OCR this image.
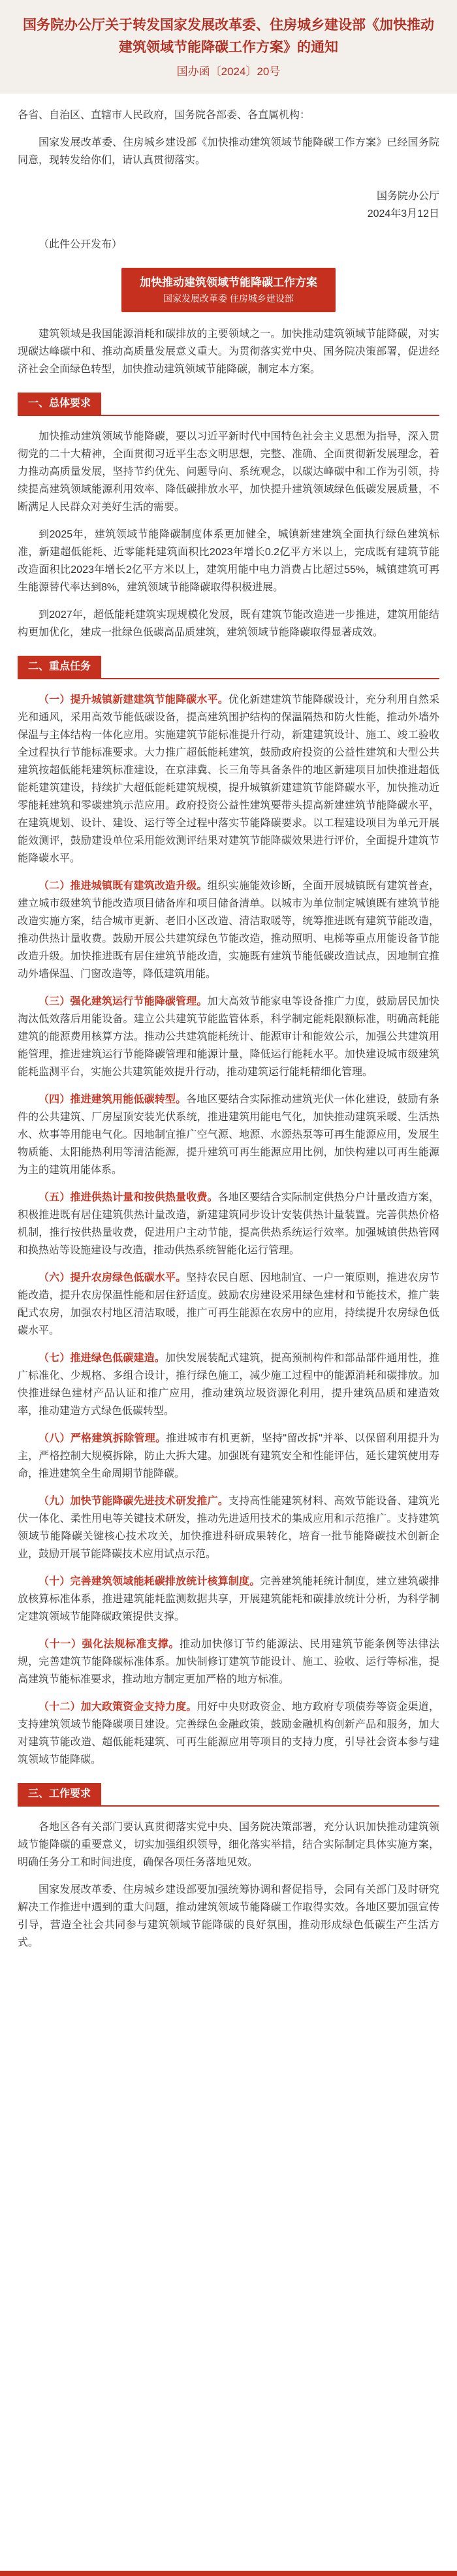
国务院办公厅关于转发国家发展改革委、住房城乡建设部《加快推动建筑领域节能降碳工作方案》的通知
国办函〔2024〕20号

各省、自治区、直辖市人民政府，国务院各部委、各直属机构：

国家发展改革委、住房城乡建设部《加快推动建筑领域节能降碳工作方案》已经国务院同意，现转发给你们，请认真贯彻落实。

国务院办公厅

2024年3月12日

（此件公开发布）

加快推动建筑领域节能降碳工作方案
国家发展改革委 住房城乡建设部

建筑领域是我国能源消耗和碳排放的主要领域之一。加快推动建筑领域节能降碳，对实现碳达峰碳中和、推动高质量发展意义重大。为贯彻落实党中央、国务院决策部署，促进经济社会全面绿色转型，加快推动建筑领域节能降碳，制定本方案。

一、总体要求

加快推动建筑领域节能降碳，要以习近平新时代中国特色社会主义思想为指导，深入贯彻党的二十大精神，全面贯彻习近平生态文明思想，完整、准确、全面贯彻新发展理念，着力推动高质量发展，坚持节约优先、问题导向、系统观念，以碳达峰碳中和工作为引领，持续提高建筑领域能源利用效率、降低碳排放水平，加快提升建筑领域绿色低碳发展质量，不断满足人民群众对美好生活的需要。

到2025年，建筑领域节能降碳制度体系更加健全，城镇新建建筑全面执行绿色建筑标准，新建超低能耗、近零能耗建筑面积比2023年增长0.2亿平方米以上，完成既有建筑节能改造面积比2023年增长2亿平方米以上，建筑用能中电力消费占比超过55%，城镇建筑可再生能源替代率达到8%，建筑领域节能降碳取得积极进展。

到2027年，超低能耗建筑实现规模化发展，既有建筑节能改造进一步推进，建筑用能结构更加优化，建成一批绿色低碳高品质建筑，建筑领域节能降碳取得显著成效。

二、重点任务

（一）提升城镇新建建筑节能降碳水平。优化新建建筑节能降碳设计，充分利用自然采光和通风，采用高效节能低碳设备，提高建筑围护结构的保温隔热和防火性能，推动外墙外保温与主体结构一体化应用。实施建筑节能标准提升行动，新建建筑设计、施工、竣工验收全过程执行节能标准要求。大力推广超低能耗建筑，鼓励政府投资的公益性建筑和大型公共建筑按超低能耗建筑标准建设，在京津冀、长三角等具备条件的地区新建项目加快推进超低能耗建筑建设，持续扩大超低能耗建筑规模，提升城镇新建建筑节能降碳水平，加快推动近零能耗建筑和零碳建筑示范应用。政府投资公益性建筑要带头提高新建建筑节能降碳水平，在建筑规划、设计、建设、运行等全过程中落实节能降碳要求。以工程建设项目为单元开展能效测评，鼓励建设单位采用能效测评结果对建筑节能降碳效果进行评价，全面提升建筑节能降碳水平。

（二）推进城镇既有建筑改造升级。组织实施能效诊断，全面开展城镇既有建筑普查，建立城市级建筑节能改造项目储备库和项目储备清单。以城市为单位制定城镇既有建筑节能改造实施方案，结合城市更新、老旧小区改造、清洁取暖等，统筹推进既有建筑节能改造，推动供热计量收费。鼓励开展公共建筑绿色节能改造，推动照明、电梯等重点用能设备节能改造升级。加快推进既有居住建筑节能改造，实施既有建筑节能低碳改造试点，因地制宜推动外墙保温、门窗改造等，降低建筑用能。

（三）强化建筑运行节能降碳管理。加大高效节能家电等设备推广力度，鼓励居民加快淘汰低效落后用能设备。建立公共建筑节能监管体系，科学制定能耗限额标准，明确高耗能建筑的能源费用核算方法。推动公共建筑能耗统计、能源审计和能效公示，加强公共建筑用能管理，推进建筑运行节能降碳管理和能源计量，降低运行能耗水平。加快建设城市级建筑能耗监测平台，实施公共建筑能效提升行动，推动建筑运行能耗精细化管理。

（四）推进建筑用能低碳转型。各地区要结合实际推动建筑光伏一体化建设，鼓励有条件的公共建筑、厂房屋顶安装光伏系统，推进建筑用能电气化，加快推动建筑采暖、生活热水、炊事等用能电气化。因地制宜推广空气源、地源、水源热泵等可再生能源应用，发展生物质能、太阳能热利用等清洁能源，提升建筑可再生能源应用比例，加快构建以可再生能源为主的建筑用能体系。

（五）推进供热计量和按供热量收费。各地区要结合实际制定供热分户计量改造方案，积极推进既有居住建筑供热计量改造，新建建筑同步设计安装供热计量装置。完善供热价格机制，推行按供热量收费，促进用户主动节能，提高供热系统运行效率。加强城镇供热管网和换热站等设施建设与改造，推动供热系统智能化运行管理。

（六）提升农房绿色低碳水平。坚持农民自愿、因地制宜、一户一策原则，推进农房节能改造，提升农房保温性能和居住舒适度。鼓励农房建设采用绿色建材和节能技术，推广装配式农房，加强农村地区清洁取暖，推广可再生能源在农房中的应用，持续提升农房绿色低碳水平。

（七）推进绿色低碳建造。加快发展装配式建筑，提高预制构件和部品部件通用性，推广标准化、少规格、多组合设计，推行绿色施工，减少施工过程中的能源消耗和碳排放。加快推进绿色建材产品认证和推广应用，推动建筑垃圾资源化利用，提升建筑品质和建造效率，推动建造方式绿色低碳转型。

（八）严格建筑拆除管理。推进城市有机更新，坚持"留改拆"并举、以保留利用提升为主，严格控制大规模拆除，防止大拆大建。加强既有建筑安全和性能评估，延长建筑使用寿命，推进建筑全生命周期节能降碳。

（九）加快节能降碳先进技术研发推广。支持高性能建筑材料、高效节能设备、建筑光伏一体化、柔性用电等关键技术研发，推动先进适用技术的集成应用和示范推广。支持建筑领域节能降碳关键核心技术攻关，加快推进科研成果转化，培育一批节能降碳技术创新企业，鼓励开展节能降碳技术应用试点示范。

（十）完善建筑领域能耗碳排放统计核算制度。完善建筑能耗统计制度，建立建筑碳排放核算标准体系，推进建筑能耗监测数据共享，开展建筑能耗和碳排放统计分析，为科学制定建筑领域节能降碳政策提供支撑。

（十一）强化法规标准支撑。推动加快修订节约能源法、民用建筑节能条例等法律法规，完善建筑节能降碳标准体系。加快制修订建筑节能设计、施工、验收、运行等标准，提高建筑节能标准要求，推动地方制定更加严格的地方标准。

（十二）加大政策资金支持力度。用好中央财政资金、地方政府专项债券等资金渠道，支持建筑领域节能降碳项目建设。完善绿色金融政策，鼓励金融机构创新产品和服务，加大对建筑节能改造、超低能耗建筑、可再生能源应用等项目的支持力度，引导社会资本参与建筑领域节能降碳。

三、工作要求

各地区各有关部门要认真贯彻落实党中央、国务院决策部署，充分认识加快推动建筑领域节能降碳的重要意义，切实加强组织领导，细化落实举措，结合实际制定具体实施方案，明确任务分工和时间进度，确保各项任务落地见效。

国家发展改革委、住房城乡建设部要加强统筹协调和督促指导，会同有关部门及时研究解决工作推进中遇到的重大问题，推动建筑领域节能降碳工作取得实效。各地区要加强宣传引导，营造全社会共同参与建筑领域节能降碳的良好氛围，推动形成绿色低碳生产生活方式。
